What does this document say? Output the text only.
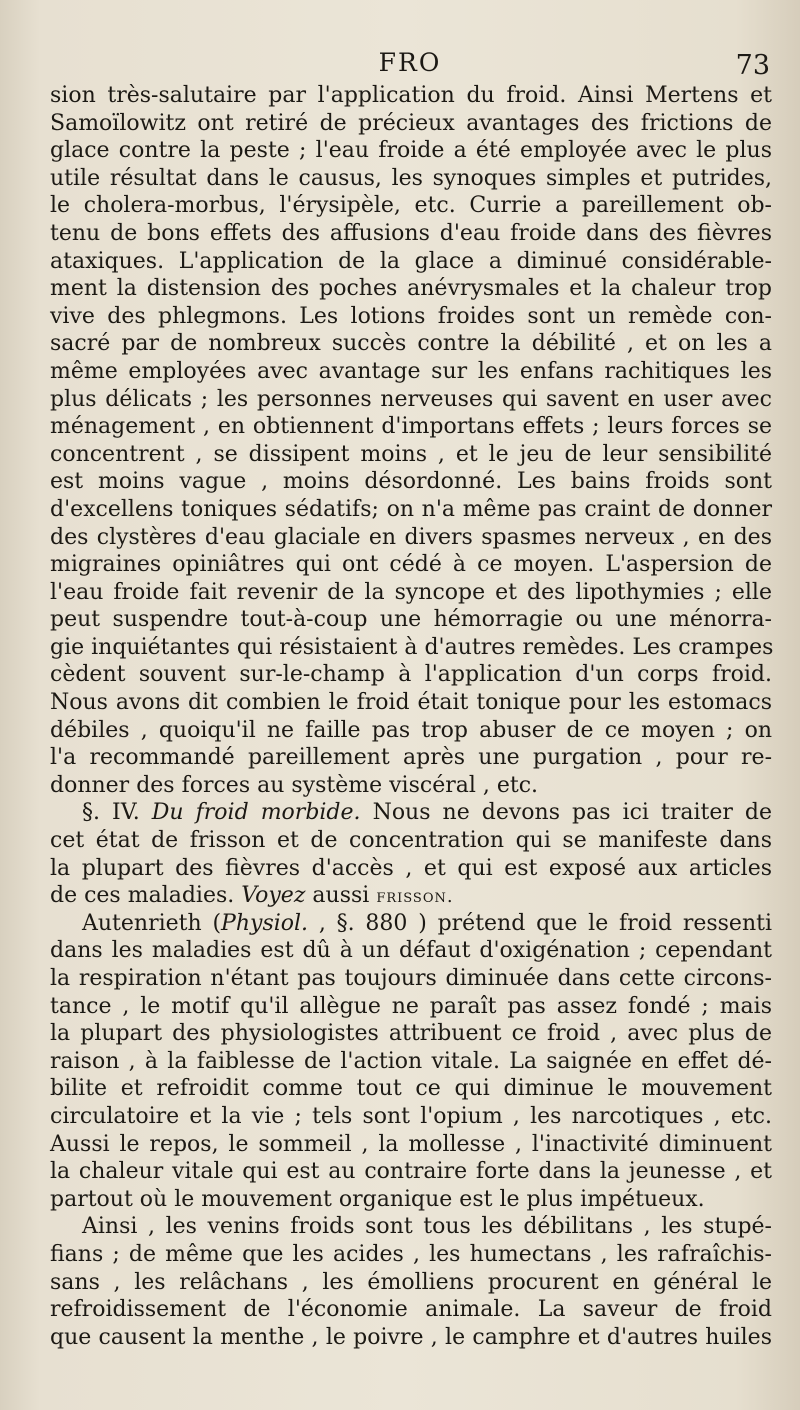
FRO	73
sion très-salutaire par l'application du froid. Ainsi Mertens et
Samoïlowitz ont retiré de précieux avantages des frictions de
glace contre la peste ; l'eau froide a été employée avec le plus
utile résultat dans le causus, les synoques simples et putrides,
le cholera-morbus, l'érysipèle, etc. Currie a pareillement ob-
tenu de bons effets des affusions d'eau froide dans des fièvres
ataxiques. L'application de la glace a diminué considérable-
ment la distension des poches anévrysmales et la chaleur trop
vive des phlegmons. Les lotions froides sont un remède con-
sacré par de nombreux succès contre la débilité , et on les a
même employées avec avantage sur les enfans rachitiques les
plus délicats ; les personnes nerveuses qui savent en user avec
ménagement , en obtiennent d'importans effets ; leurs forces se
concentrent , se dissipent moins , et le jeu de leur sensibilité
est moins vague , moins désordonné. Les bains froids sont
d'excellens toniques sédatifs; on n'a même pas craint de donner
des clystères d'eau glaciale en divers spasmes nerveux , en des
migraines opiniâtres qui ont cédé à ce moyen. L'aspersion de
l'eau froide fait revenir de la syncope et des lipothymies ; elle
peut suspendre tout-à-coup une hémorragie ou une ménorra-
gie inquiétantes qui résistaient à d'autres remèdes. Les crampes
cèdent souvent sur-le-champ à l'application d'un corps froid.
Nous avons dit combien le froid était tonique pour les estomacs
débiles , quoiqu'il ne faille pas trop abuser de ce moyen ; on
l'a recommandé pareillement après une purgation , pour re-
donner des forces au système viscéral , etc.
§. IV. Du froid morbide. Nous ne devons pas ici traiter de
cet état de frisson et de concentration qui se manifeste dans
la plupart des fièvres d'accès , et qui est exposé aux articles
de ces maladies. Voyez aussi frisson.
Autenrieth (Physiol. , §. 880 ) prétend que le froid ressenti
dans les maladies est dû à un défaut d'oxigénation ; cependant
la respiration n'étant pas toujours diminuée dans cette circons-
tance , le motif qu'il allègue ne paraît pas assez fondé ; mais
la plupart des physiologistes attribuent ce froid , avec plus de
raison , à la faiblesse de l'action vitale. La saignée en effet dé-
bilite et refroidit comme tout ce qui diminue le mouvement
circulatoire et la vie ; tels sont l'opium , les narcotiques , etc.
Aussi le repos, le sommeil , la mollesse , l'inactivité diminuent
la chaleur vitale qui est au contraire forte dans la jeunesse , et
partout où le mouvement organique est le plus impétueux.
Ainsi , les venins froids sont tous les débilitans , les stupé-
fians ; de même que les acides , les humectans , les rafraîchis-
sans , les relâchans , les émolliens procurent en général le
refroidissement de l'économie animale. La saveur de froid
que causent la menthe , le poivre , le camphre et d'autres huiles
